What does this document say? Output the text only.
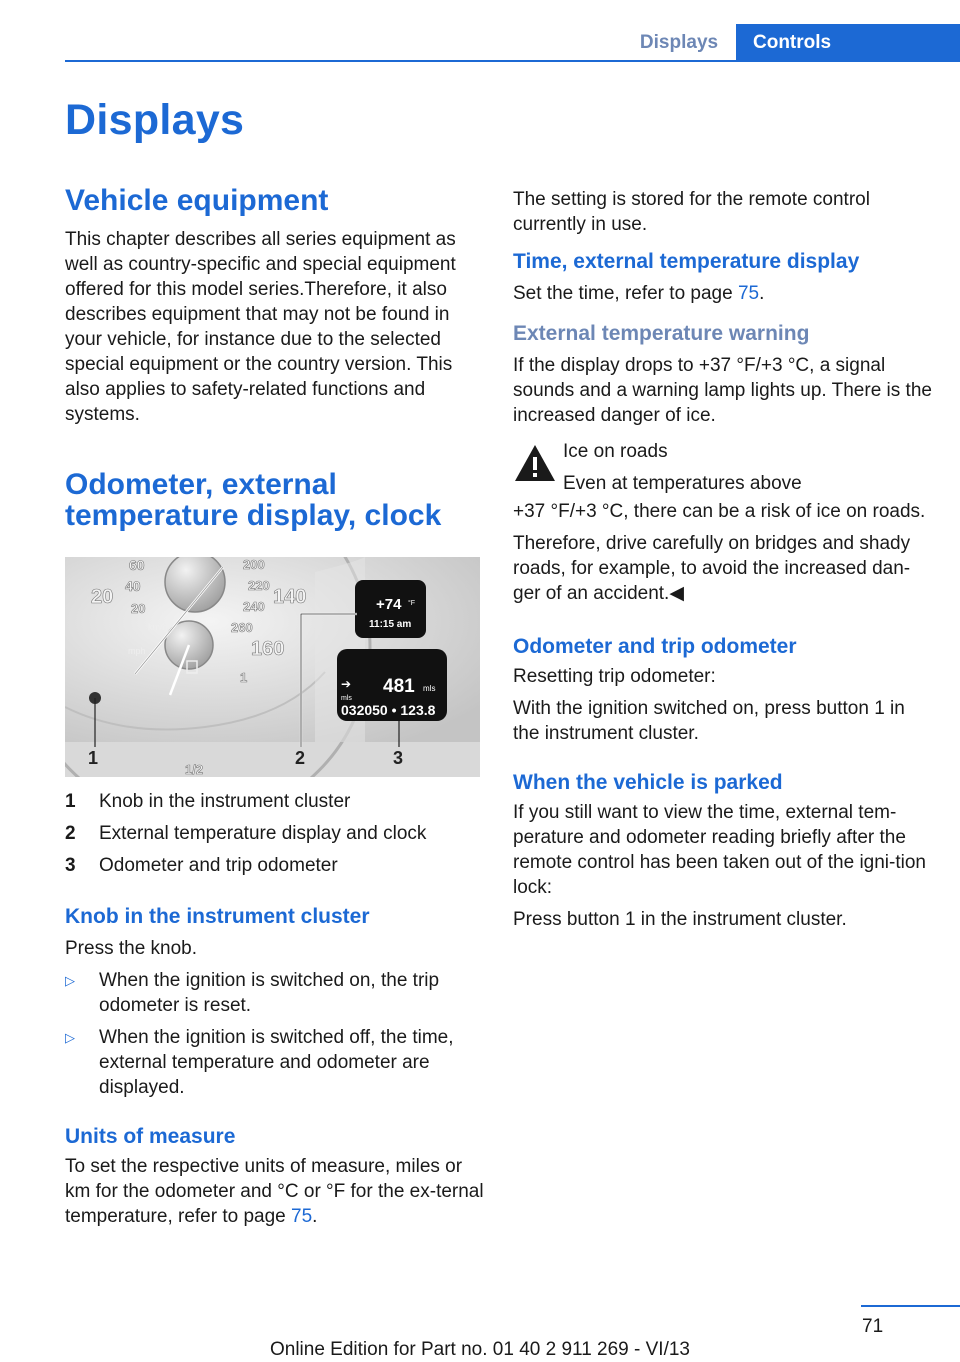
Displays	Controls
Displays
Vehicle equipment

This chapter describes all series equipment as well as country-specific and special equipment offered for this model series.Therefore, it also describes equipment that may not be found in your vehicle, for instance due to the selected special equipment or the country version. This also applies to safety-related functions and systems.

Odometer, external temperature display, clock
60
40
20
20
1/2
1
200
220
240
260
140
160
km/h
mph
+74 °F
11:15 am
➔
mls
481 mls
032050 • 123.8
1	2	3
1	Knob in the instrument cluster
2	External temperature display and clock
3	Odometer and trip odometer
Knob in the instrument cluster

Press the knob.

▷	When the ignition is switched on, the trip odometer is reset.
▷	When the ignition is switched off, the time, external temperature and odometer are displayed.
Units of measure

To set the respective units of measure, miles or km for the odometer and °C or °F for the ex‐ternal temperature, refer to page 75.

The setting is stored for the remote control currently in use.

Time, external temperature display

Set the time, refer to page 75.

External temperature warning

If the display drops to +37 °F/+3 °C, a signal sounds and a warning lamp lights up. There is the increased danger of ice.

Ice on roads

Even at temperatures above

+37 °F/+3 °C, there can be a risk of ice on roads.

Therefore, drive carefully on bridges and shady roads, for example, to avoid the increased dan‐ger of an accident.◀

Odometer and trip odometer

Resetting trip odometer:

With the ignition switched on, press button 1 in the instrument cluster.

When the vehicle is parked

If you still want to view the time, external tem‐perature and odometer reading briefly after the remote control has been taken out of the igni‐tion lock:

Press button 1 in the instrument cluster.

71
Online Edition for Part no. 01 40 2 911 269 - VI/13
